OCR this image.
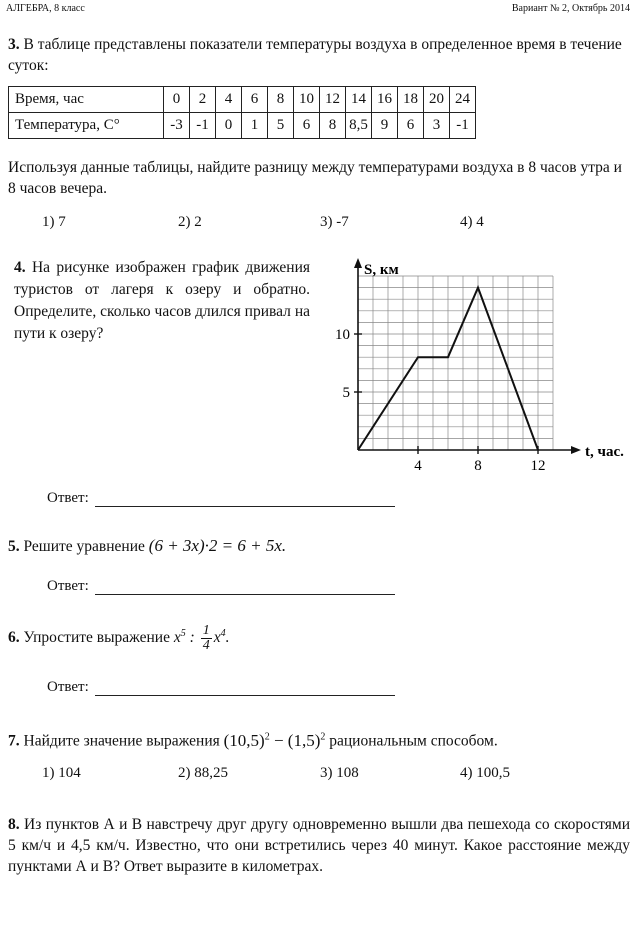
АЛГЕБРА, 8 класс	Вариант № 2, Октябрь 2014
3. В таблице представлены показатели температуры воздуха в определенное время в течение суток:
Время, час	0	2	4	6	8	10	12	14	16	18	20	24
Температура, C°	-3	-1	0	1	5	6	8	8,5	9	6	3	-1
Используя данные таблицы, найдите разницу между температурами воздуха в 8 часов утра и 8 часов вечера.
1) 7	2) 2	3) -7	4) 4
4. На рисунке изображен график движения туристов от лагеря к озеру и обратно. Определите, сколько часов длился привал на пути к озеру?
S, км
t, час.
4	8	12
5
10
Ответ:
5. Решите уравнение (6 + 3x)·2 = 6 + 5x.
Ответ:
6. Упростите выражение $x^5$ : $\frac{1}{4} x^4$.
Ответ:
7. Найдите значение выражения $(10,5)^2 - (1,5)^2$ рациональным способом.
1) 104	2) 88,25	3) 108	4) 100,5
8. Из пунктов А и В навстречу друг другу одновременно вышли два пешехода со скоростями 5 км/ч и 4,5 км/ч. Известно, что они встретились через 40 минут. Какое расстояние между пунктами А и В? Ответ выразите в километрах.
